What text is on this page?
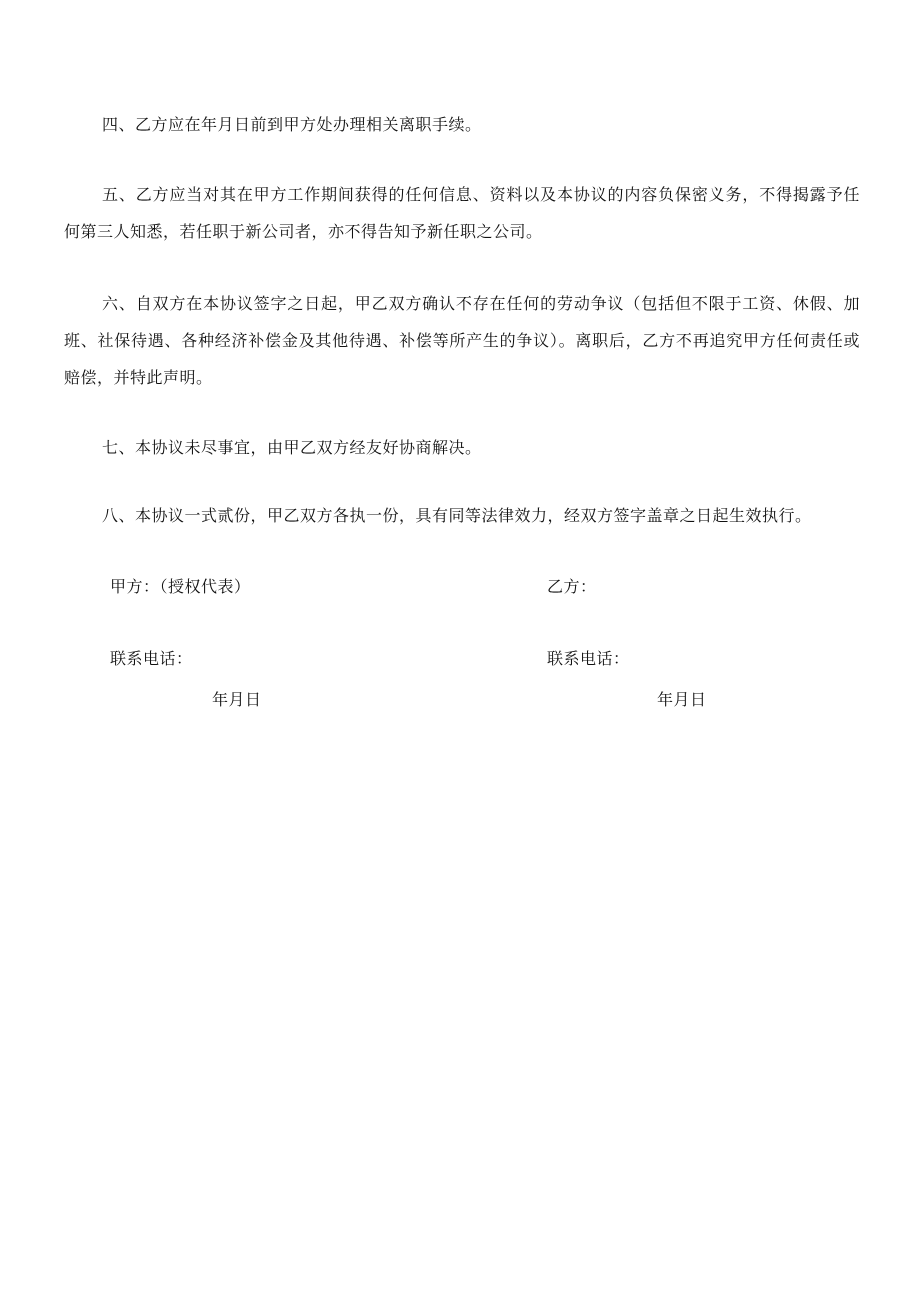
四、乙方应在年月日前到甲方处办理相关离职手续。

五、乙方应当对其在甲方工作期间获得的任何信息、资料以及本协议的内容负保密义务，不得揭露予任何第三人知悉，若任职于新公司者，亦不得告知予新任职之公司。

六、自双方在本协议签字之日起，甲乙双方确认不存在任何的劳动争议（包括但不限于工资、休假、加班、社保待遇、各种经济补偿金及其他待遇、补偿等所产生的争议）。离职后，乙方不再追究甲方任何责任或赔偿，并特此声明。

七、本协议未尽事宜，由甲乙双方经友好协商解决。

八、本协议一式贰份，甲乙双方各执一份，具有同等法律效力，经双方签字盖章之日起生效执行。

甲方：（授权代表）	乙方：

联系电话：	联系电话：

年月日	年月日
